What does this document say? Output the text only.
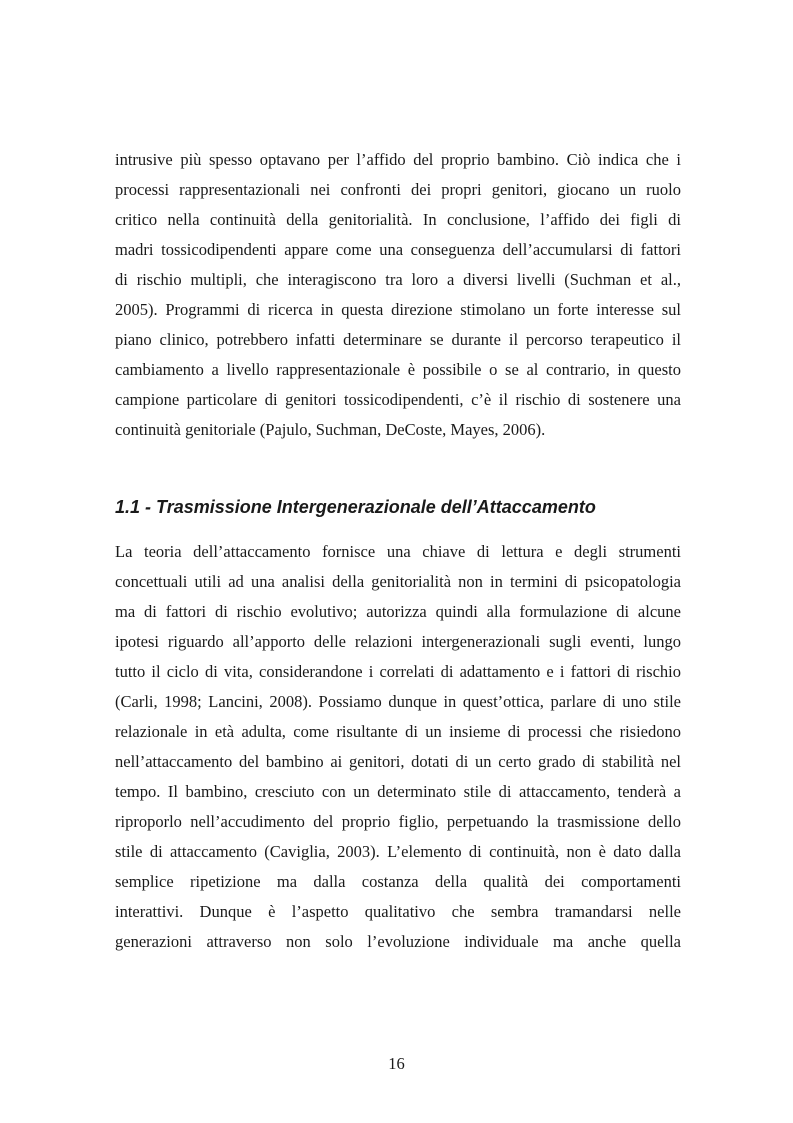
intrusive più spesso optavano per l’affido del proprio bambino. Ciò indica che i
processi rappresentazionali nei confronti dei propri genitori, giocano un ruolo
critico nella continuità della genitorialità. In conclusione, l’affido dei figli di
madri tossicodipendenti appare come una conseguenza dell’accumularsi di fattori
di rischio multipli, che interagiscono tra loro a diversi livelli (Suchman et al.,
2005). Programmi di ricerca in questa direzione stimolano un forte interesse sul
piano clinico, potrebbero infatti determinare se durante il percorso terapeutico il
cambiamento a livello rappresentazionale è possibile o se al contrario, in questo
campione particolare di genitori tossicodipendenti, c’è il rischio di sostenere una
continuità genitoriale (Pajulo, Suchman, DeCoste, Mayes, 2006).
1.1 - Trasmissione Intergenerazionale dell’Attaccamento
La teoria dell’attaccamento fornisce una chiave di lettura e degli strumenti
concettuali utili ad una analisi della genitorialità non in termini di psicopatologia
ma di fattori di rischio evolutivo; autorizza quindi alla formulazione di alcune
ipotesi riguardo all’apporto delle relazioni intergenerazionali sugli eventi, lungo
tutto il ciclo di vita, considerandone i correlati di adattamento e i fattori di rischio
(Carli, 1998; Lancini, 2008). Possiamo dunque in quest’ottica, parlare di uno stile
relazionale in età adulta, come risultante di un insieme di processi che risiedono
nell’attaccamento del bambino ai genitori, dotati di un certo grado di stabilità nel
tempo. Il bambino, cresciuto con un determinato stile di attaccamento, tenderà a
riproporlo nell’accudimento del proprio figlio, perpetuando la trasmissione dello
stile di attaccamento (Caviglia, 2003). L’elemento di continuità, non è dato dalla
semplice ripetizione ma dalla costanza della qualità dei comportamenti
interattivi. Dunque è l’aspetto qualitativo che sembra tramandarsi nelle
generazioni attraverso non solo l’evoluzione individuale ma anche quella
16
